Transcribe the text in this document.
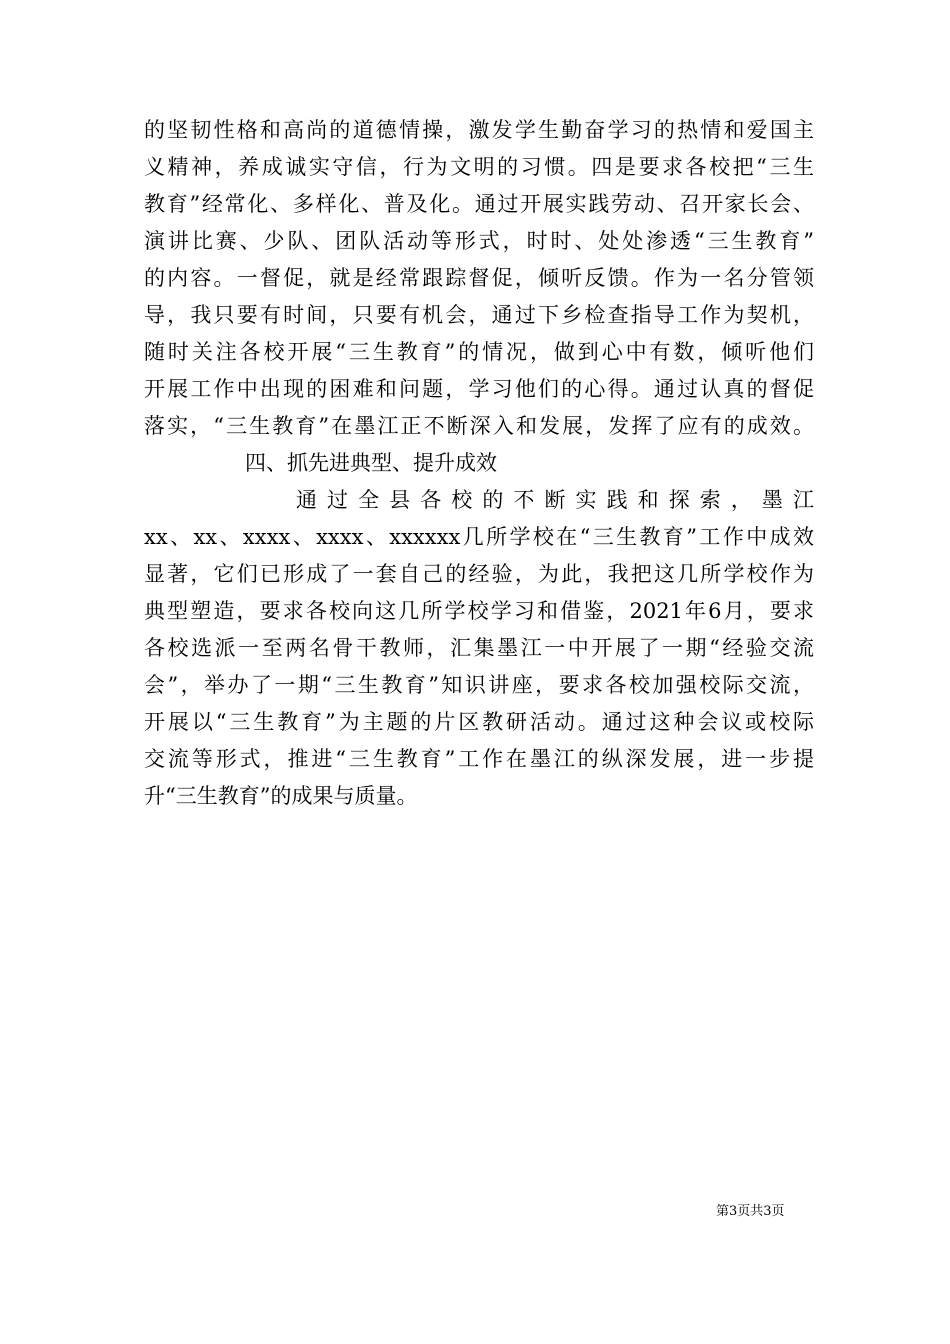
的坚韧性格和高尚的道德情操，激发学生勤奋学习的热情和爱国主
义精神，养成诚实守信，行为文明的习惯。四是要求各校把“三生
教育”经常化、多样化、普及化。通过开展实践劳动、召开家长会、
演讲比赛、少队、团队活动等形式，时时、处处渗透“三生教育”
的内容。一督促，就是经常跟踪督促，倾听反馈。作为一名分管领
导，我只要有时间，只要有机会，通过下乡检查指导工作为契机，
随时关注各校开展“三生教育”的情况，做到心中有数，倾听他们
开展工作中出现的困难和问题，学习他们的心得。通过认真的督促
落实，“三生教育”在墨江正不断深入和发展，发挥了应有的成效。
四、抓先进典型、提升成效
通过全县各校的不断实践和探索，墨江
xx、xx、xxxx、xxxx、xxxxxx几所学校在“三生教育”工作中成效
显著，它们已形成了一套自己的经验，为此，我把这几所学校作为
典型塑造，要求各校向这几所学校学习和借鉴，2021年6月，要求
各校选派一至两名骨干教师，汇集墨江一中开展了一期“经验交流
会”，举办了一期“三生教育”知识讲座，要求各校加强校际交流，
开展以“三生教育”为主题的片区教研活动。通过这种会议或校际
交流等形式，推进“三生教育”工作在墨江的纵深发展，进一步提
升“三生教育”的成果与质量。
第3页共3页
